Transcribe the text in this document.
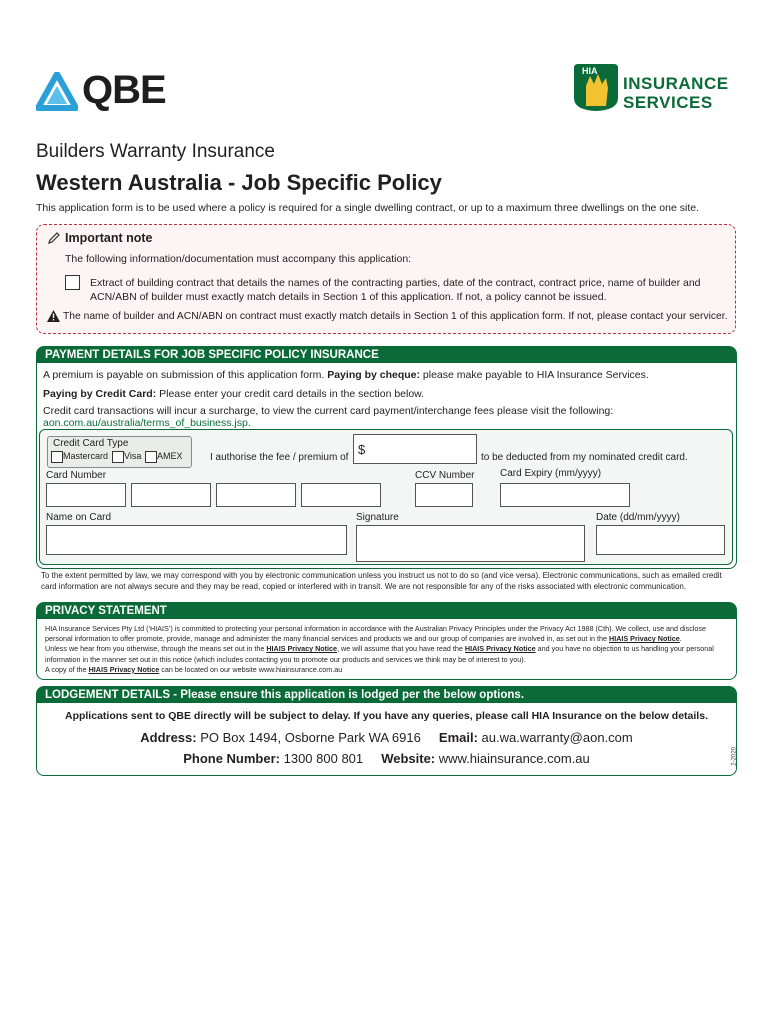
QBE	HIA
INSURANCE
SERVICES
Builders Warranty Insurance
Western Australia - Job Specific Policy
This application form is to be used where a policy is required for a single dwelling contract, or up to a maximum three dwellings on the one site.
Important note
The following information/documentation must accompany this application:
Extract of building contract that details the names of the contracting parties, date of the contract, contract price, name of builder and ACN/ABN of builder must exactly match details in Section 1 of this application. If not, a policy cannot be issued.
The name of builder and ACN/ABN on contract must exactly match details in Section 1 of this application form. If not, please contact your servicer.
PAYMENT DETAILS FOR JOB SPECIFIC POLICY INSURANCE
A premium is payable on submission of this application form. Paying by cheque: please make payable to HIA Insurance Services.
Paying by Credit Card: Please enter your credit card details in the section below.
Credit card transactions will incur a surcharge, to view the current card payment/interchange fees please visit the following:
aon.com.au/australia/terms_of_business.jsp.
Credit Card Type
Mastercard Visa AMEX	I authorise the fee / premium of
$
to be deducted from my nominated credit card.
Card Number	CCV Number	Card Expiry (mm/yyyy)
Name on Card	Signature	Date (dd/mm/yyyy)
To the extent permitted by law, we may correspond with you by electronic communication unless you instruct us not to do so (and vice versa). Electronic communications, such as emailed credit card information are not always secure and they may be read, copied or interfered with in transit. We are not responsible for any of the risks associated with electronic communication.
PRIVACY STATEMENT
HIA Insurance Services Pty Ltd (‘HIAIS’) is committed to protecting your personal information in accordance with the Australian Privacy Principles under the Privacy Act 1988 (Cth). We collect, use and disclose personal information to offer promote, provide, manage and administer the many financial services and products we and our group of companies are involved in, as set out in the HIAIS Privacy Notice.
Unless we hear from you otherwise, through the means set out in the HIAIS Privacy Notice, we will assume that you have read the HIAIS Privacy Notice and you have no objection to us handling your personal information in the manner set out in this notice (which includes contacting you to promote our products and services we think may be of interest to you).
A copy of the HIAIS Privacy Notice can be located on our website www.hiainsurance.com.au
LODGEMENT DETAILS - Please ensure this application is lodged per the below options.
Applications sent to QBE directly will be subject to delay. If you have any queries, please call HIA Insurance on the below details.
Address: PO Box 1494, Osborne Park WA 6916 Email: au.wa.warranty@aon.com
Phone Number: 1300 800 801 Website: www.hiainsurance.com.au	2-2020
